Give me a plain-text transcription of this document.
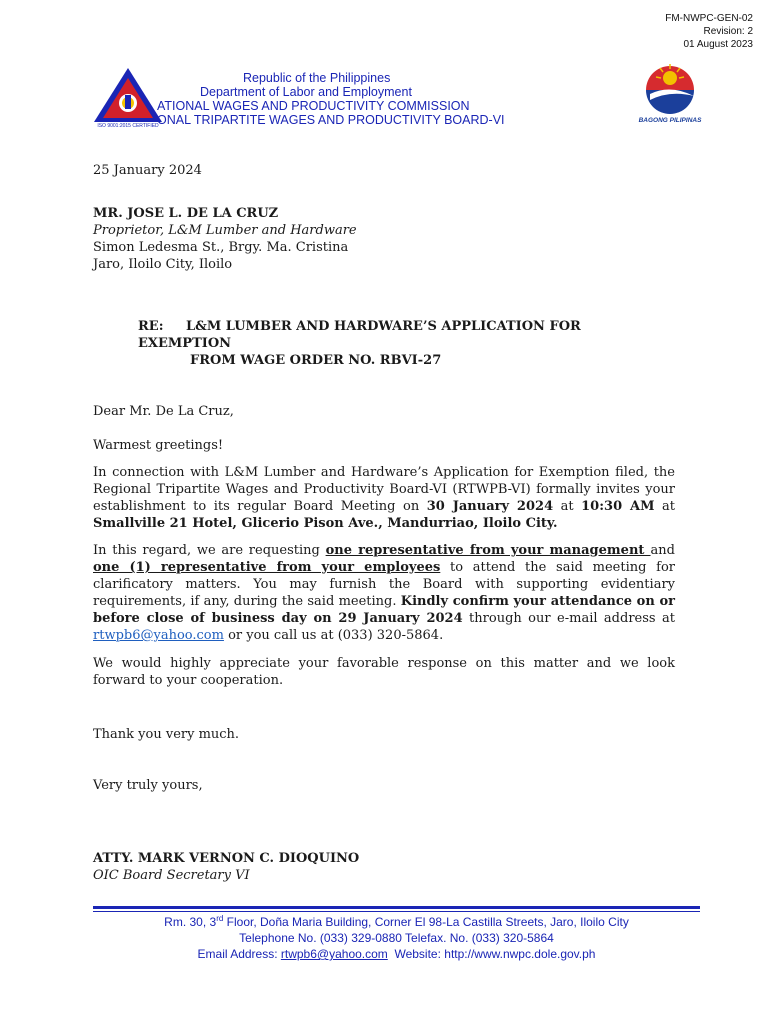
FM-NWPC-GEN-02
Revision: 2
01 August 2023
ISO 9001:2015 CERTIFIED
Republic of the Philippines
Department of Labor and Employment
ATIONAL WAGES AND PRODUCTIVITY COMMISSION
ONAL TRIPARTITE WAGES AND PRODUCTIVITY BOARD-VI	BAGONG PILIPINAS
25 January 2024
MR. JOSE L. DE LA CRUZ
Proprietor, L&M Lumber and Hardware
Simon Ledesma St., Brgy. Ma. Cristina
Jaro, Iloilo City, Iloilo
RE: L&M LUMBER AND HARDWARE’S APPLICATION FOR EXEMPTION
FROM WAGE ORDER NO. RBVI-27
Dear Mr. De La Cruz,
Warmest greetings!
In connection with L&M Lumber and Hardware’s Application for Exemption filed, the Regional Tripartite Wages and Productivity Board-VI (RTWPB-VI) formally invites your establishment to its regular Board Meeting on 30 January 2024 at 10:30 AM at Smallville 21 Hotel, Glicerio Pison Ave., Mandurriao, Iloilo City.
In this regard, we are requesting one representative from your management and one (1) representative from your employees to attend the said meeting for clarificatory matters. You may furnish the Board with supporting evidentiary requirements, if any, during the said meeting. Kindly confirm your attendance on or before close of business day on 29 January 2024 through our e-mail address at rtwpb6@yahoo.com or you call us at (033) 320-5864.
We would highly appreciate your favorable response on this matter and we look forward to your cooperation.
Thank you very much.
Very truly yours,
ATTY. MARK VERNON C. DIOQUINO
OIC Board Secretary VI
Rm. 30, 3rd Floor, Doña Maria Building, Corner El 98-La Castilla Streets, Jaro, Iloilo City
Telephone No. (033) 329-0880 Telefax. No. (033) 320-5864
Email Address: rtwpb6@yahoo.com  Website: http://www.nwpc.dole.gov.ph
